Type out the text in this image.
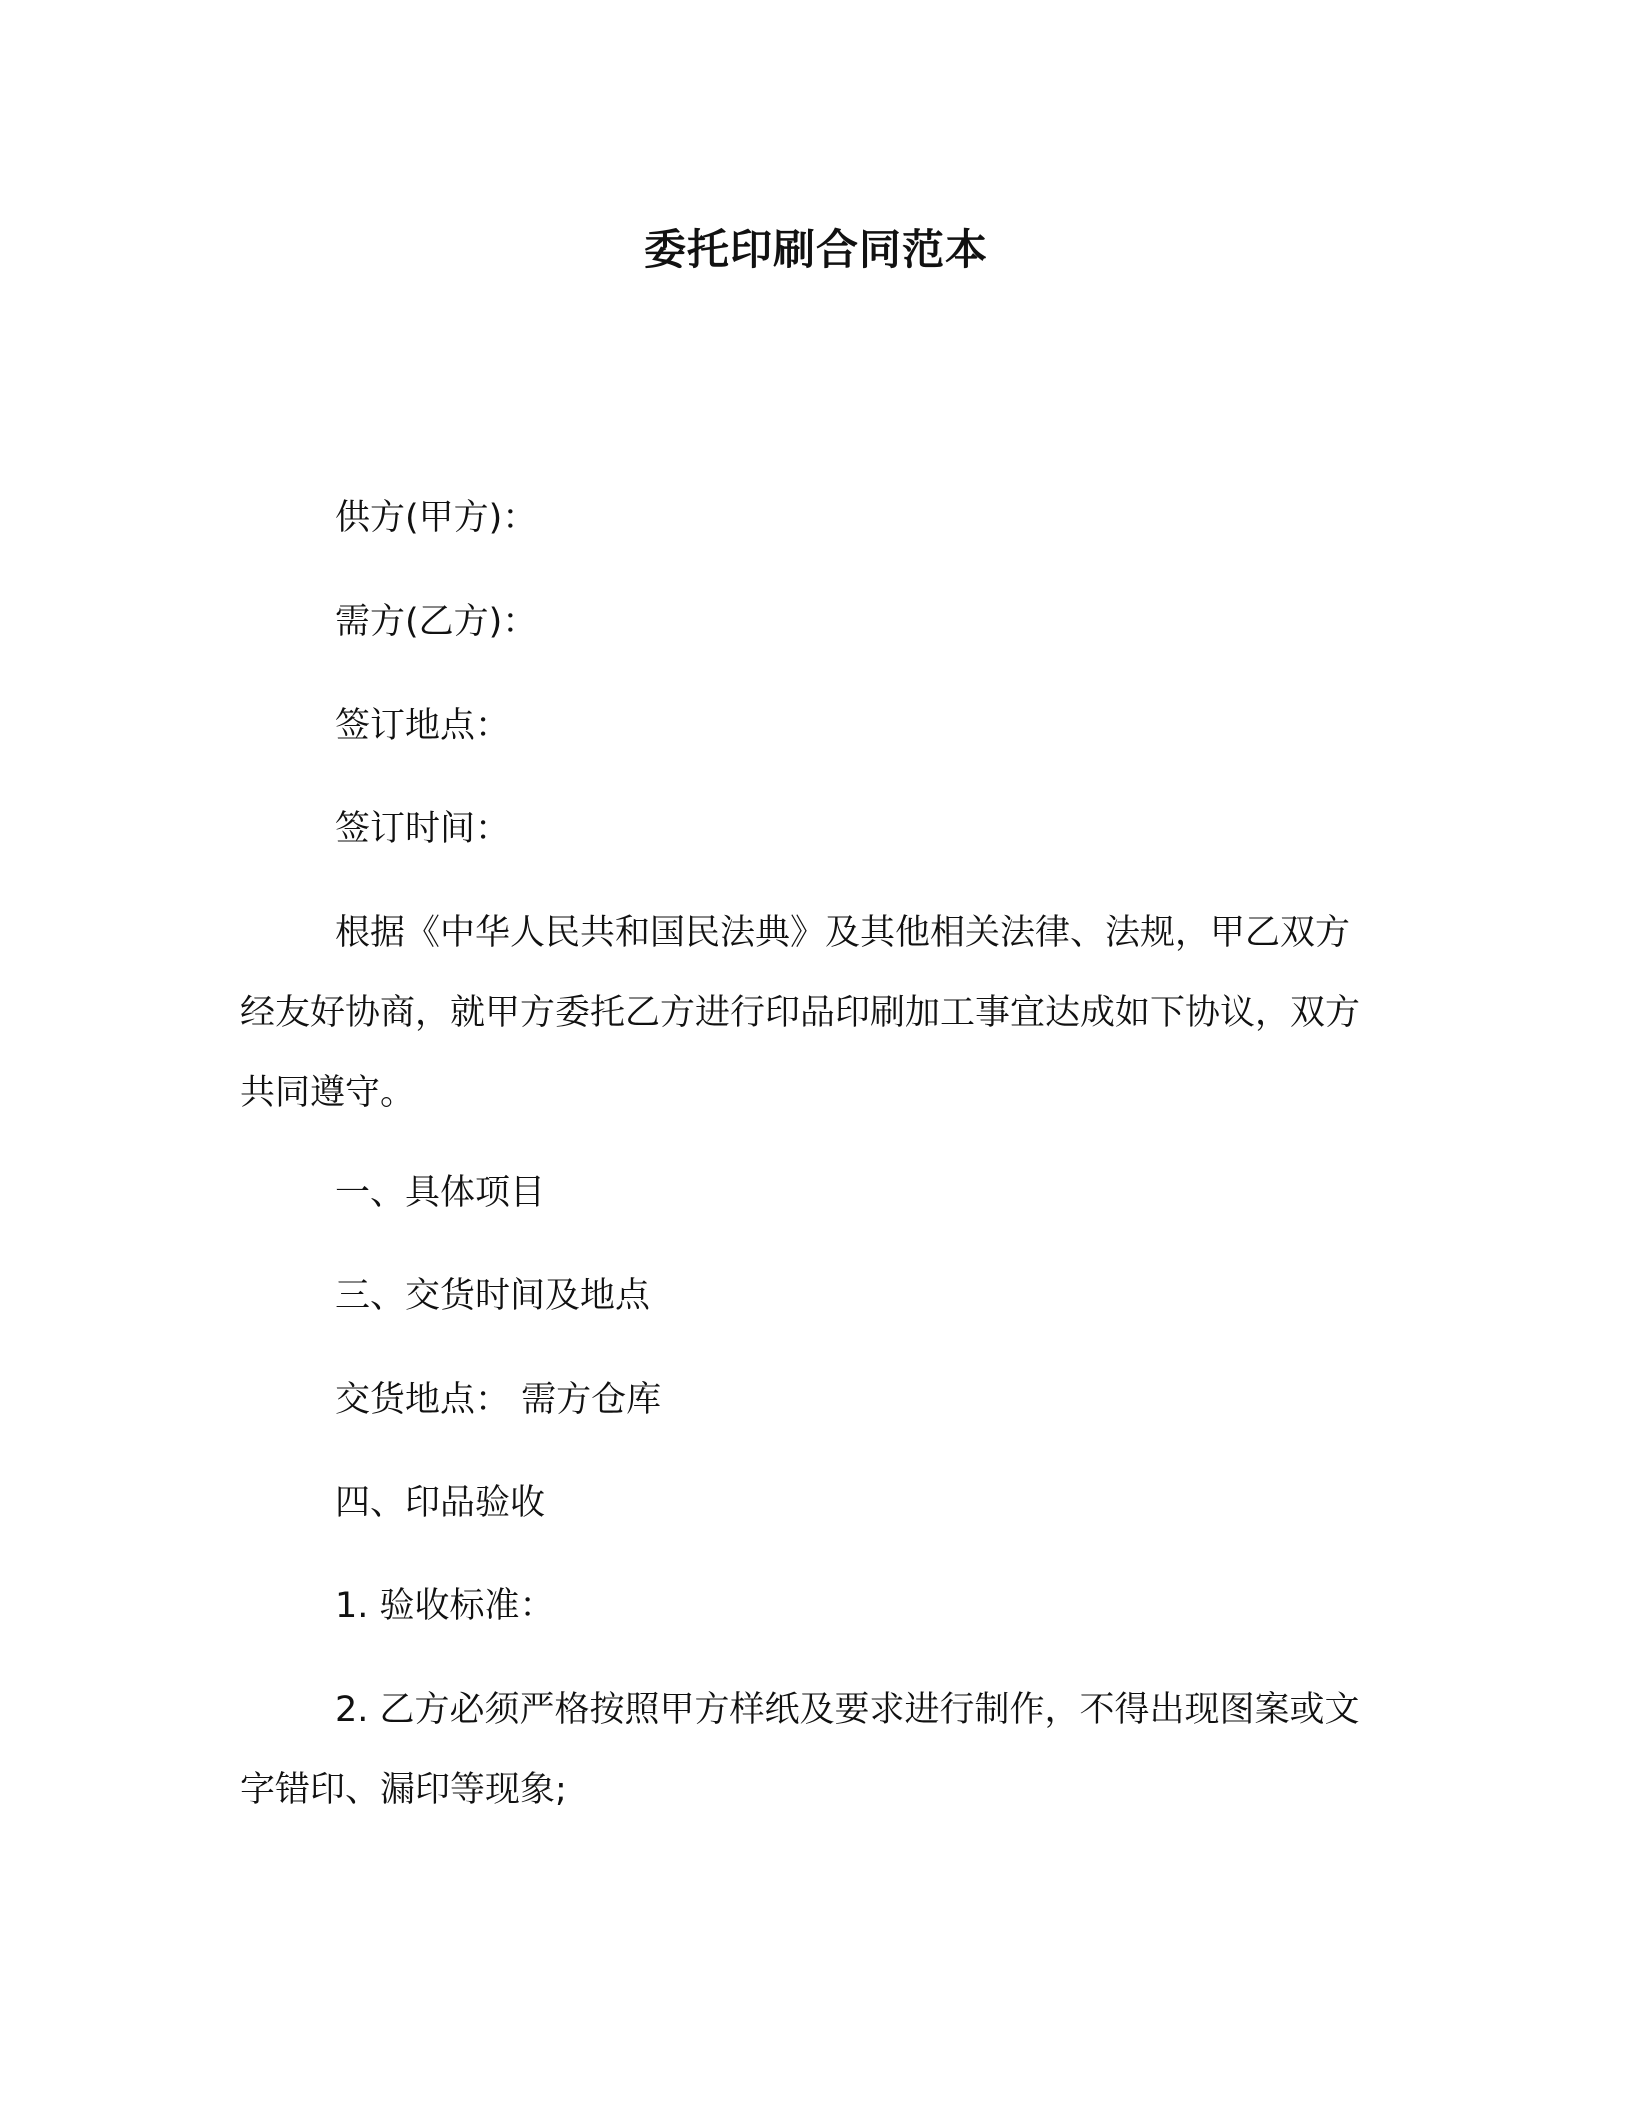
委托印刷合同范本

供方(甲方)：

需方(乙方)：

签订地点：

签订时间：

根据《中华人民共和国民法典》及其他相关法律、法规，甲乙双方经友好协商，就甲方委托乙方进行印品印刷加工事宜达成如下协议，双方共同遵守。

一、具体项目

三、交货时间及地点

交货地点： 需方仓库

四、印品验收

1. 验收标准：

2. 乙方必须严格按照甲方样纸及要求进行制作，不得出现图案或文字错印、漏印等现象;
